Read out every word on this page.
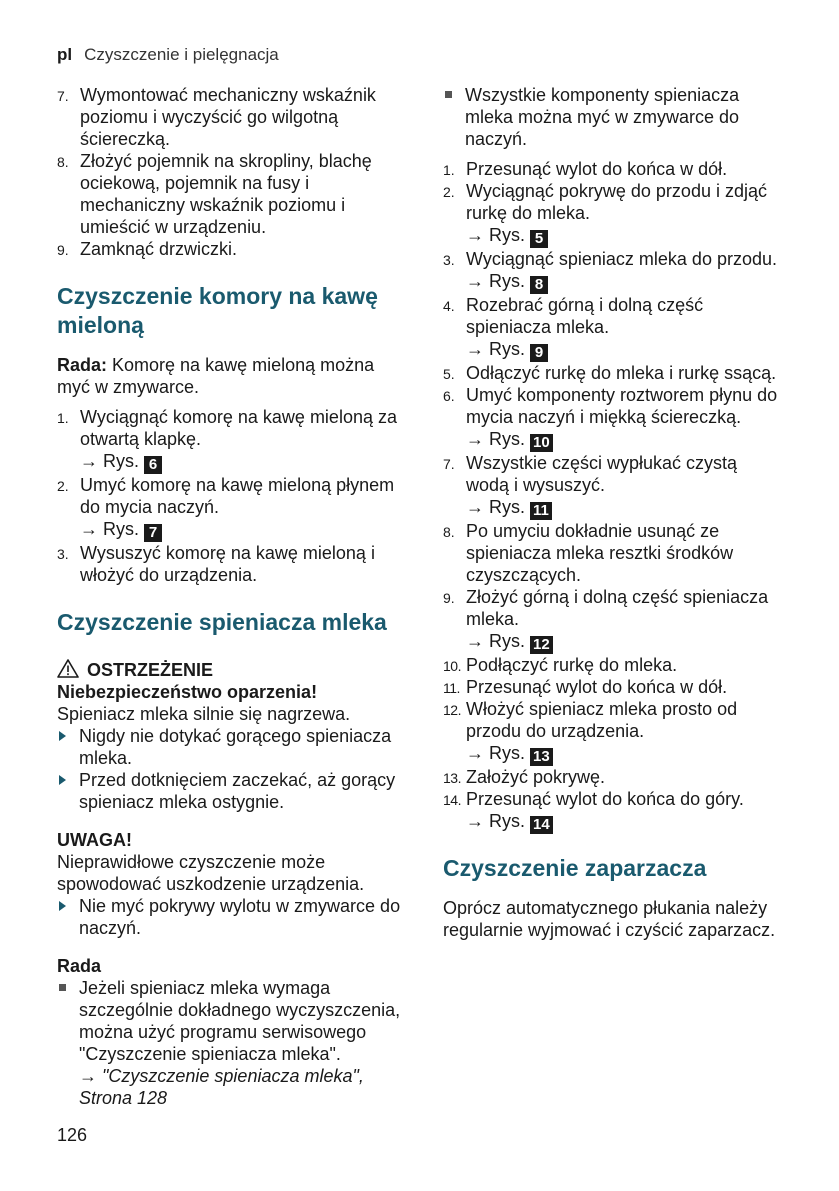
pl Czyszczenie i pielęgnacja
7. Wymontować mechaniczny wskaźnik poziomu i wyczyścić go wilgotną ściereczką.
8. Złożyć pojemnik na skropliny, blachę ociekową, pojemnik na fusy i mechaniczny wskaźnik poziomu i umieścić w urządzeniu.
9. Zamknąć drzwiczki.
Czyszczenie komory na kawę mieloną

Rada: Komorę na kawę mieloną można myć w zmywarce.

1. Wyciągnąć komorę na kawę mieloną za otwartą klapkę.
→ Rys. 6
2. Umyć komorę na kawę mieloną płynem do mycia naczyń.
→ Rys. 7
3. Wysuszyć komorę na kawę mieloną i włożyć do urządzenia.
Czyszczenie spieniacza mleka
OSTRZEŻENIE
Niebezpieczeństwo oparzenia!
Spieniacz mleka silnie się nagrzewa.
Nigdy nie dotykać gorącego spieniacza mleka.
Przed dotknięciem zaczekać, aż gorący spieniacz mleka ostygnie.
UWAGA!
Nieprawidłowe czyszczenie może spowodować uszkodzenie urządzenia.
Nie myć pokrywy wylotu w zmywarce do naczyń.
Rada
Jeżeli spieniacz mleka wymaga szczególnie dokładnego wyczyszczenia, można użyć programu serwisowego "Czyszczenie spieniacza mleka".
→ "Czyszczenie spieniacza mleka", Strona 128
Wszystkie komponenty spieniacza mleka można myć w zmywarce do naczyń.
1. Przesunąć wylot do końca w dół.
2. Wyciągnąć pokrywę do przodu i zdjąć rurkę do mleka.
→ Rys. 5
3. Wyciągnąć spieniacz mleka do przodu.
→ Rys. 8
4. Rozebrać górną i dolną część spieniacza mleka.
→ Rys. 9
5. Odłączyć rurkę do mleka i rurkę ssącą.
6. Umyć komponenty roztworem płynu do mycia naczyń i miękką ściereczką.
→ Rys. 10
7. Wszystkie części wypłukać czystą wodą i wysuszyć.
→ Rys. 11
8. Po umyciu dokładnie usunąć ze spieniacza mleka resztki środków czyszczących.
9. Złożyć górną i dolną część spieniacza mleka.
→ Rys. 12
10. Podłączyć rurkę do mleka.
11. Przesunąć wylot do końca w dół.
12. Włożyć spieniacz mleka prosto od przodu do urządzenia.
→ Rys. 13
13. Założyć pokrywę.
14. Przesunąć wylot do końca do góry.
→ Rys. 14
Czyszczenie zaparzacza

Oprócz automatycznego płukania należy regularnie wyjmować i czyścić zaparzacz.

126
